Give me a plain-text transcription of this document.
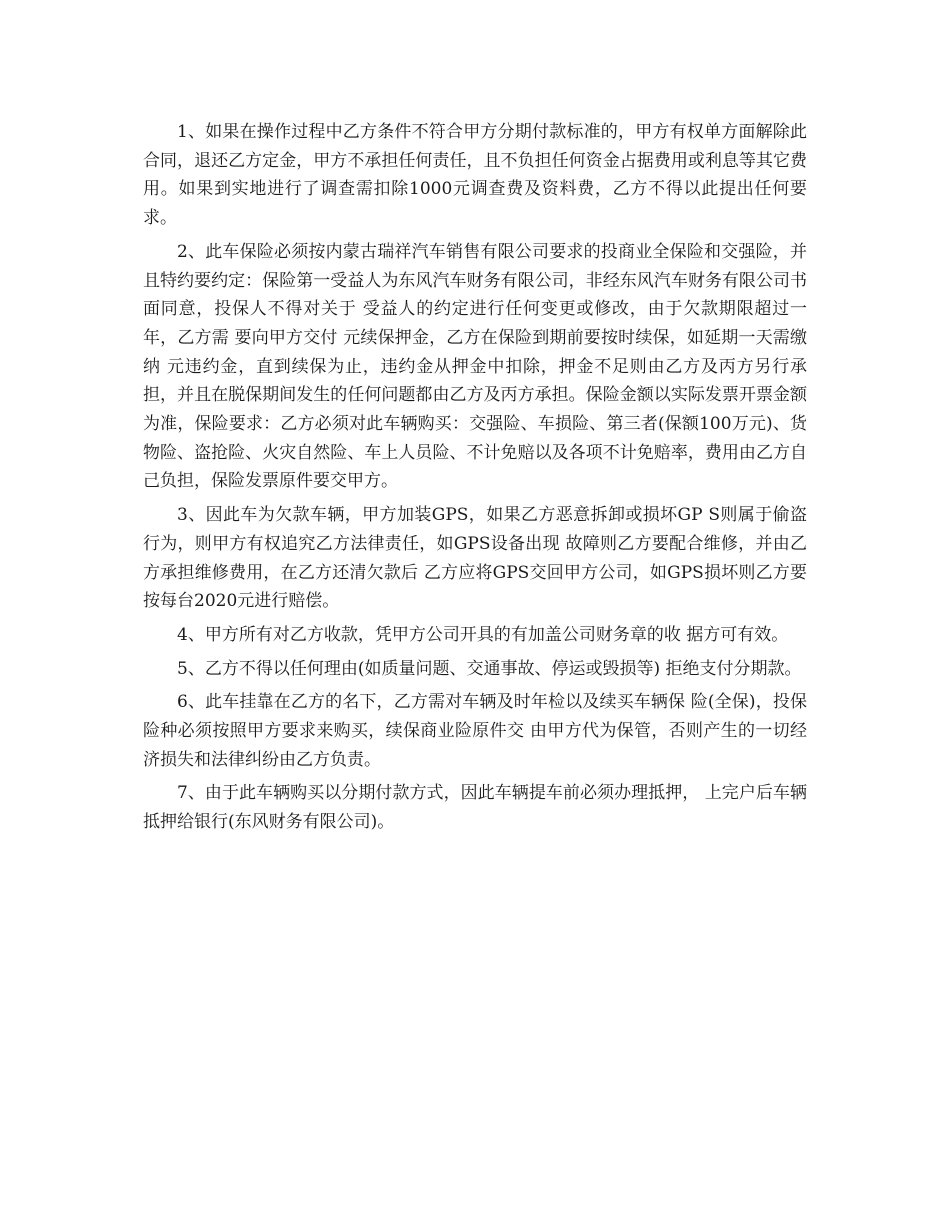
1、如果在操作过程中乙方条件不符合甲方分期付款标准的，甲方有权单方面解除此合同，退还乙方定金，甲方不承担任何责任，且不负担任何资金占据费用或利息等其它费用。如果到实地进行了调查需扣除1000元调查费及资料费，乙方不得以此提出任何要求。

2、此车保险必须按内蒙古瑞祥汽车销售有限公司要求的投商业全保险和交强险，并且特约要约定：保险第一受益人为东风汽车财务有限公司，非经东风汽车财务有限公司书面同意，投保人不得对关于 受益人的约定进行任何变更或修改，由于欠款期限超过一年，乙方需 要向甲方交付 元续保押金，乙方在保险到期前要按时续保，如延期一天需缴纳 元违约金，直到续保为止，违约金从押金中扣除，押金不足则由乙方及丙方另行承担，并且在脱保期间发生的任何问题都由乙方及丙方承担。保险金额以实际发票开票金额为准，保险要求：乙方必须对此车辆购买：交强险、车损险、第三者(保额100万元)、货物险、盗抢险、火灾自然险、车上人员险、不计免赔以及各项不计免赔率，费用由乙方自己负担，保险发票原件要交甲方。

3、因此车为欠款车辆，甲方加装GPS，如果乙方恶意拆卸或损坏GP S则属于偷盗行为，则甲方有权追究乙方法律责任，如GPS设备出现 故障则乙方要配合维修，并由乙方承担维修费用，在乙方还清欠款后 乙方应将GPS交回甲方公司，如GPS损坏则乙方要按每台2020元进行赔偿。

4、甲方所有对乙方收款，凭甲方公司开具的有加盖公司财务章的收 据方可有效。

5、乙方不得以任何理由(如质量问题、交通事故、停运或毁损等) 拒绝支付分期款。

6、此车挂靠在乙方的名下，乙方需对车辆及时年检以及续买车辆保 险(全保)，投保险种必须按照甲方要求来购买，续保商业险原件交 由甲方代为保管，否则产生的一切经济损失和法律纠纷由乙方负责。

7、由于此车辆购买以分期付款方式，因此车辆提车前必须办理抵押， 上完户后车辆抵押给银行(东风财务有限公司)。
